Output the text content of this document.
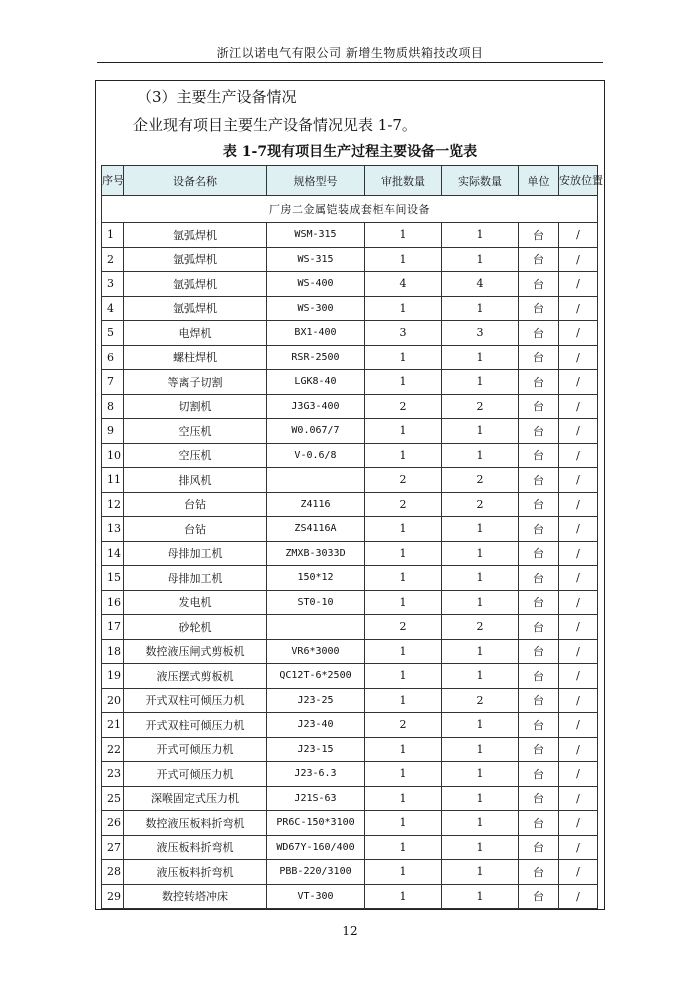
浙江以诺电气有限公司 新增生物质烘箱技改项目
（3）主要生产设备情况
企业现有项目主要生产设备情况见表 1-7。
表 1-7现有项目生产过程主要设备一览表
序号	设备名称	规格型号	审批数量	实际数量	单位	安放位置
厂房二金属铠装成套柜车间设备						
1	氩弧焊机	WSM-315	1	1	台	/
2	氩弧焊机	WS-315	1	1	台	/
3	氩弧焊机	WS-400	4	4	台	/
4	氩弧焊机	WS-300	1	1	台	/
5	电焊机	BX1-400	3	3	台	/
6	螺柱焊机	RSR-2500	1	1	台	/
7	等离子切割	LGK8-40	1	1	台	/
8	切割机	J3G3-400	2	2	台	/
9	空压机	W0.067/7	1	1	台	/
10	空压机	V-0.6/8	1	1	台	/
11	排风机		2	2	台	/
12	台钻	Z4116	2	2	台	/
13	台钻	ZS4116A	1	1	台	/
14	母排加工机	ZMXB-3033D	1	1	台	/
15	母排加工机	150*12	1	1	台	/
16	发电机	ST0-10	1	1	台	/
17	砂轮机		2	2	台	/
18	数控液压闸式剪板机	VR6*3000	1	1	台	/
19	液压摆式剪板机	QC12T-6*2500	1	1	台	/
20	开式双柱可倾压力机	J23-25	1	2	台	/
21	开式双柱可倾压力机	J23-40	2	1	台	/
22	开式可倾压力机	J23-15	1	1	台	/
23	开式可倾压力机	J23-6.3	1	1	台	/
25	深喉固定式压力机	J21S-63	1	1	台	/
26	数控液压板料折弯机	PR6C-150*3100	1	1	台	/
27	液压板料折弯机	WD67Y-160/400	1	1	台	/
28	液压板料折弯机	PBB-220/3100	1	1	台	/
29	数控转塔冲床	VT-300	1	1	台	/
12
